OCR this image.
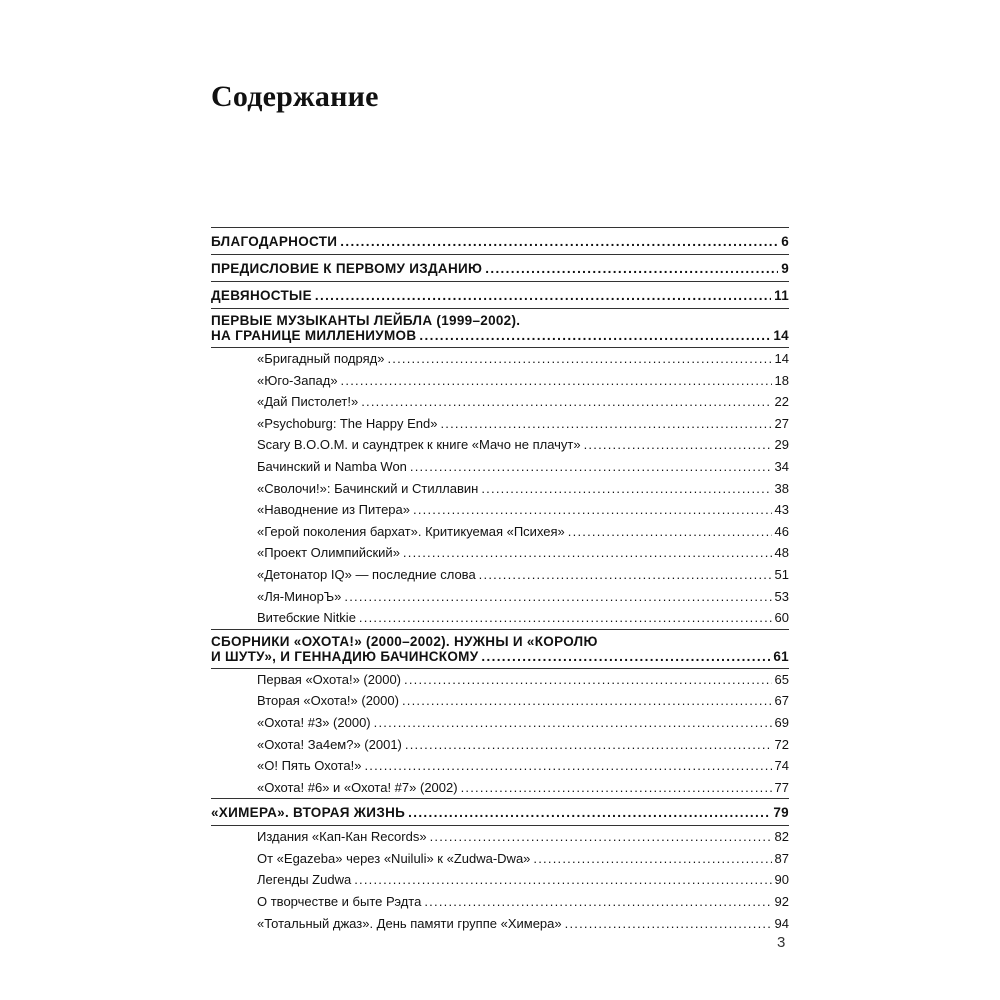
Содержание
БЛАГОДАРНОСТИ . . .	6
ПРЕДИСЛОВИЕ К ПЕРВОМУ ИЗДАНИЮ . . .	9
ДЕВЯНОСТЫЕ . . .	11
ПЕРВЫЕ МУЗЫКАНТЫ ЛЕЙБЛА (1999–2002).
НА ГРАНИЦЕ МИЛЛЕНИУМОВ . . .	14
«Бригадный подряд» . . .	14
«Юго-Запад» . . .	18
«Дай Пистолет!» . . .	22
«Psychoburg: The Happy End» . . .	27
Scary B.O.O.M. и саундтрек к книге «Мачо не плачут» . . .	29
Бачинский и Namba Won . . .	34
«Сволочи!»: Бачинский и Стиллавин . . .	38
«Наводнение из Питера» . . .	43
«Герой поколения бархат». Критикуемая «Психея» . . .	46
«Проект Олимпийский» . . .	48
«Детонатор IQ» — последние слова . . .	51
«Ля-МинорЪ» . . .	53
Витебские Nitkie . . .	60
СБОРНИКИ «ОХОТА!» (2000–2002). НУЖНЫ И «КОРОЛЮ
И ШУТУ», И ГЕННАДИЮ БАЧИНСКОМУ . . .	61
Первая «Охота!» (2000) . . .	65
Вторая «Охота!» (2000) . . .	67
«Охота! #3» (2000) . . .	69
«Охота! За4ем?» (2001) . . .	72
«О! Пять Охота!» . . .	74
«Охота! #6» и «Охота! #7» (2002) . . .	77
«ХИМЕРА». ВТОРАЯ ЖИЗНЬ . . .	79
Издания «Кап-Кан Records» . . .	82
От «Egazeba» через «Nuiluli» к «Zudwa-Dwa» . . .	87
Легенды Zudwa . . .	90
О творчестве и быте Рэдта . . .	92
«Тотальный джаз». День памяти группе «Химера» . . .	94
3
